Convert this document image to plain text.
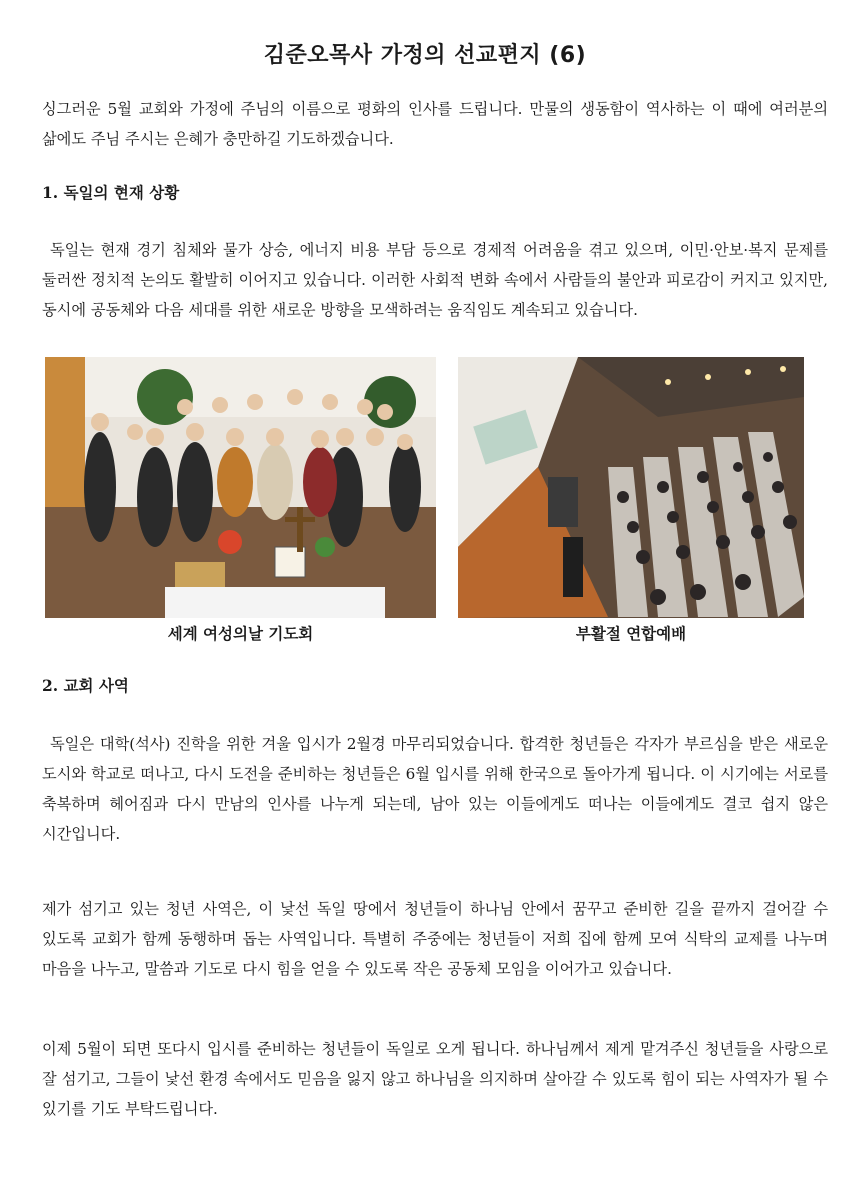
김준오목사 가정의 선교편지 (6)

싱그러운 5월 교회와 가정에 주님의 이름으로 평화의 인사를 드립니다. 만물의 생동함이 역사하는 이 때에 여러분의 삶에도 주님 주시는 은혜가 충만하길 기도하겠습니다.

1. 독일의 현재 상황

독일는 현재 경기 침체와 물가 상승, 에너지 비용 부담 등으로 경제적 어려움을 겪고 있으며, 이민·안보·복지 문제를 둘러싼 정치적 논의도 활발히 이어지고 있습니다. 이러한 사회적 변화 속에서 사람들의 불안과 피로감이 커지고 있지만, 동시에 공동체와 다음 세대를 위한 새로운 방향을 모색하려는 움직임도 계속되고 있습니다.

세계 여성의날 기도회	부활절 연합예배

2. 교회 사역

독일은 대학(석사) 진학을 위한 겨울 입시가 2월경 마무리되었습니다. 합격한 청년들은 각자가 부르심을 받은 새로운 도시와 학교로 떠나고, 다시 도전을 준비하는 청년들은 6월 입시를 위해 한국으로 돌아가게 됩니다. 이 시기에는 서로를 축복하며 헤어짐과 다시 만남의 인사를 나누게 되는데, 남아 있는 이들에게도 떠나는 이들에게도 결코 쉽지 않은 시간입니다.

제가 섬기고 있는 청년 사역은, 이 낯선 독일 땅에서 청년들이 하나님 안에서 꿈꾸고 준비한 길을 끝까지 걸어갈 수 있도록 교회가 함께 동행하며 돕는 사역입니다. 특별히 주중에는 청년들이 저희 집에 함께 모여 식탁의 교제를 나누며 마음을 나누고, 말씀과 기도로 다시 힘을 얻을 수 있도록 작은 공동체 모임을 이어가고 있습니다.

이제 5월이 되면 또다시 입시를 준비하는 청년들이 독일로 오게 됩니다. 하나님께서 제게 맡겨주신 청년들을 사랑으로 잘 섬기고, 그들이 낯선 환경 속에서도 믿음을 잃지 않고 하나님을 의지하며 살아갈 수 있도록 힘이 되는 사역자가 될 수 있기를 기도 부탁드립니다.
